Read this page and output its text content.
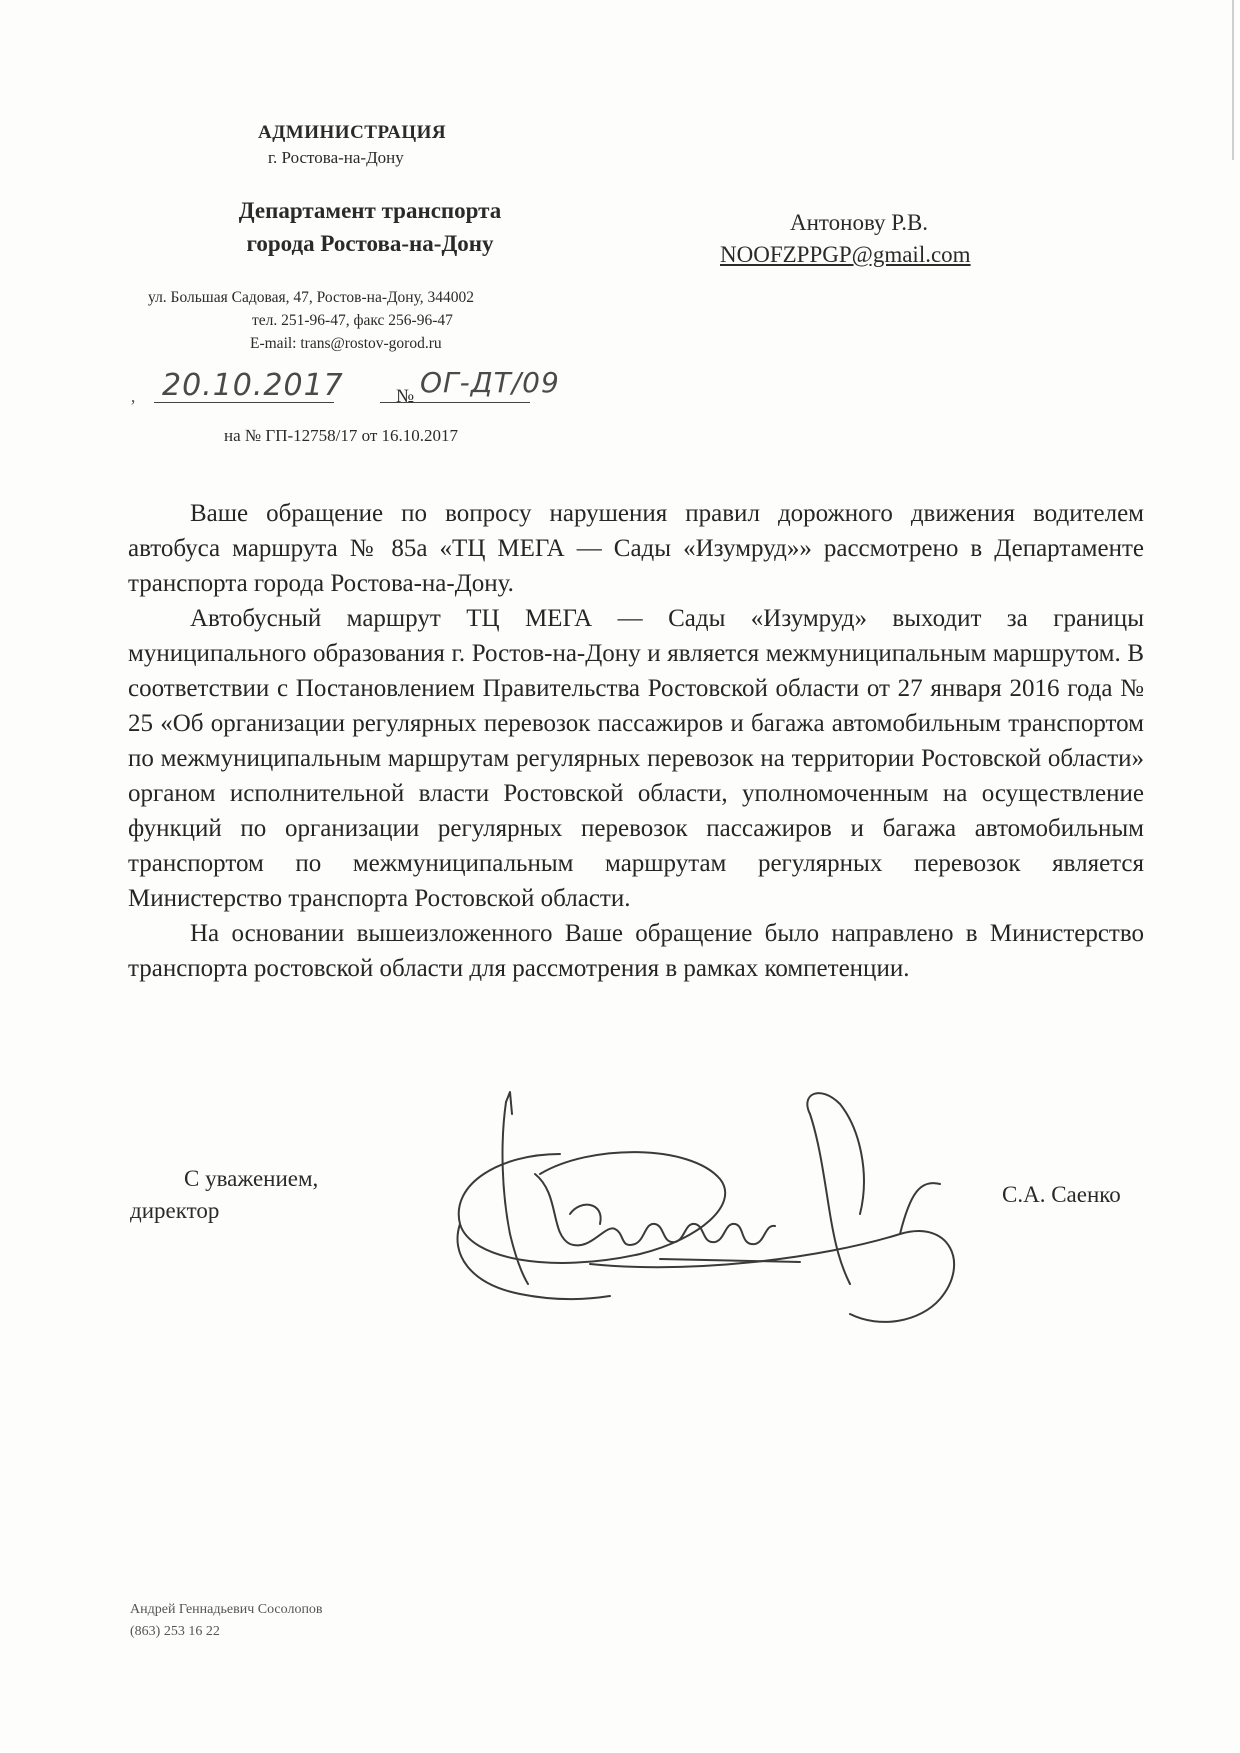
АДМИНИСТРАЦИЯ
г. Ростова-на-Дону
Департамент транспорта
города Ростова-на-Дону
ул. Большая Садовая, 47, Ростов-на-Дону, 344002
тел. 251-96-47, факс 256-96-47
E-mail: trans@rostov-gorod.ru
‚ 20.10.2017	№ ОГ-ДТ/09
на № ГП-12758/17 от 16.10.2017
Антонову Р.В.
NOOFZPPGP@gmail.com

Ваше обращение по вопросу нарушения правил дорожного движения водителем автобуса маршрута № 85а «ТЦ МЕГА — Сады «Изумруд»» рассмотрено в Департаменте транспорта города Ростова-на-Дону.

Автобусный маршрут ТЦ МЕГА — Сады «Изумруд» выходит за границы муниципального образования г. Ростов-на-Дону и является межмуниципальным маршрутом. В соответствии с Постановлением Правительства Ростовской области от 27 января 2016 года № 25 «Об организации регулярных перевозок пассажиров и багажа автомобильным транспортом по межмуниципальным маршрутам регулярных перевозок на территории Ростовской области» органом исполнительной власти Ростовской области, уполномоченным на осуществление функций по организации регулярных перевозок пассажиров и багажа автомобильным транспортом по межмуниципальным маршрутам регулярных перевозок является Министерство транспорта Ростовской области.

На основании вышеизложенного Ваше обращение было направлено в Министерство транспорта ростовской области для рассмотрения в рамках компетенции.

С уважением,
директор
С.А. Саенко
Андрей Геннадьевич Сосолопов
(863) 253 16 22
